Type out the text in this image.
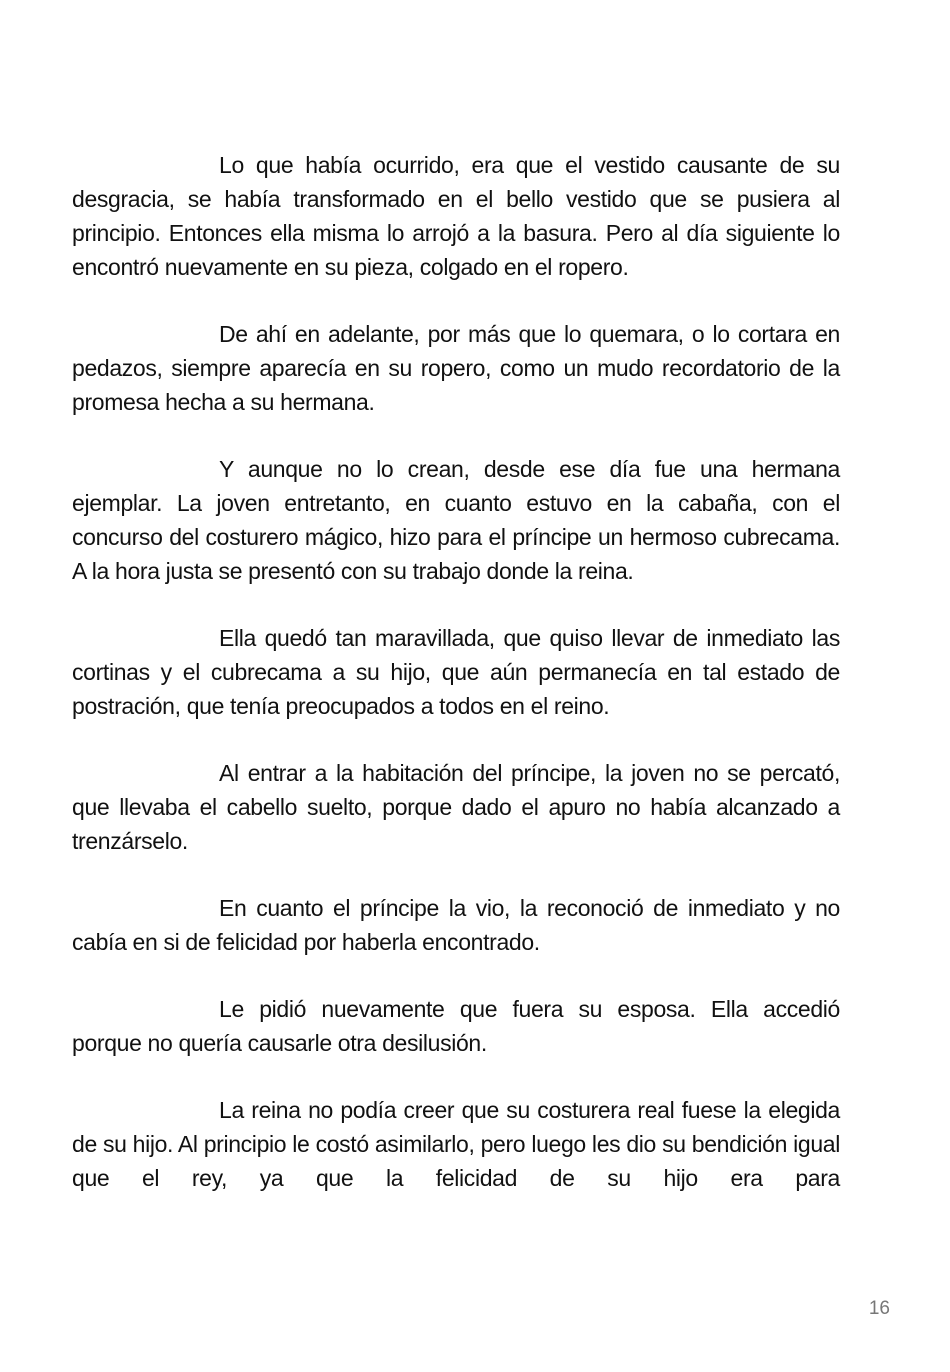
Lo que había ocurrido, era que el vestido causante de su desgracia, se había transformado en el bello vestido que se pusiera al principio. Entonces ella misma lo arrojó a la basura. Pero al día siguiente lo encontró nuevamente en su pieza, colgado en el ropero.

De ahí en adelante, por más que lo quemara, o lo cortara en pedazos, siempre aparecía en su ropero, como un mudo recordatorio de la promesa hecha a su hermana.

Y aunque no lo crean, desde ese día fue una hermana ejemplar. La joven entretanto, en cuanto estuvo en la cabaña, con el concurso del costurero mágico, hizo para el príncipe un hermoso cubrecama. A la hora justa se presentó con su trabajo donde la reina.

Ella quedó tan maravillada, que quiso llevar de inmediato las cortinas y el cubrecama a su hijo, que aún permanecía en tal estado de postración, que tenía preocupados a todos en el reino.

Al entrar a la habitación del príncipe, la joven no se percató, que llevaba el cabello suelto, porque dado el apuro no había alcanzado a trenzárselo.

En cuanto el príncipe la vio, la reconoció de inmediato y no cabía en si de felicidad por haberla encontrado.

Le pidió nuevamente que fuera su esposa. Ella accedió porque no quería causarle otra desilusión.

La reina no podía creer que su costurera real fuese la elegida de su hijo. Al principio le costó asimilarlo, pero luego les dio su bendición igual que el rey, ya que la felicidad de su hijo era para

16
